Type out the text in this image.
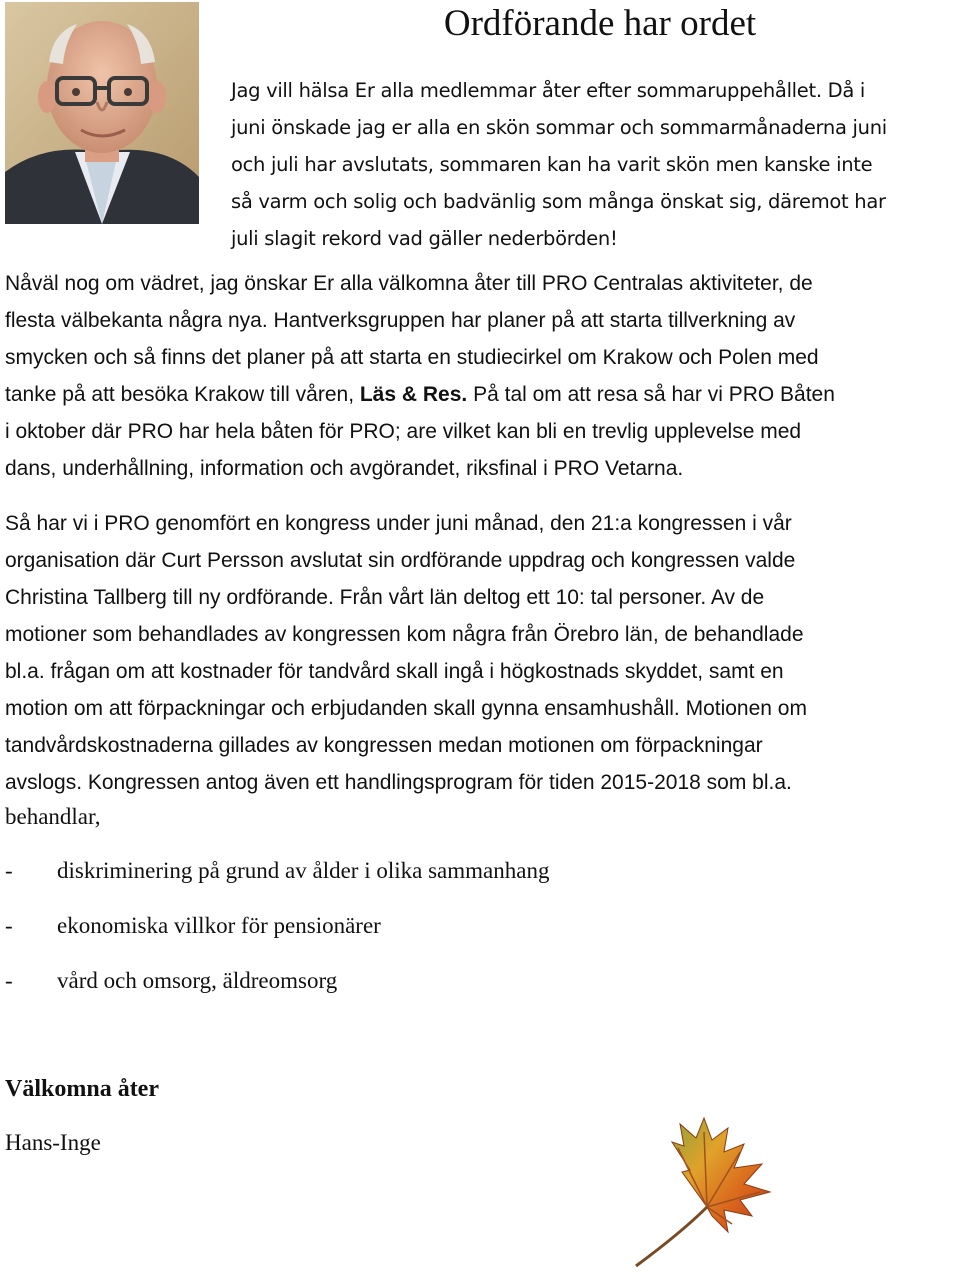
Ordförande har ordet

Jag vill hälsa Er alla medlemmar åter efter sommaruppehållet. Då i
juni önskade jag er alla en skön sommar och sommarmånaderna juni
och juli har avslutats, sommaren kan ha varit skön men kanske inte
så varm och solig och badvänlig som många önskat sig, däremot har
juli slagit rekord vad gäller nederbörden!

Nåväl nog om vädret, jag önskar Er alla välkomna åter till PRO Centralas aktiviteter, de
flesta välbekanta några nya. Hantverksgruppen har planer på att starta tillverkning av
smycken och så finns det planer på att starta en studiecirkel om Krakow och Polen med
tanke på att besöka Krakow till våren, Läs & Res. På tal om att resa så har vi PRO Båten
i oktober där PRO har hela båten för PRO; are vilket kan bli en trevlig upplevelse med
dans, underhållning, information och avgörandet, riksfinal i PRO Vetarna.

Så har vi i PRO genomfört en kongress under juni månad, den 21:a kongressen i vår
organisation där Curt Persson avslutat sin ordförande uppdrag och kongressen valde
Christina Tallberg till ny ordförande. Från vårt län deltog ett 10: tal personer. Av de
motioner som behandlades av kongressen kom några från Örebro län, de behandlade
bl.a. frågan om att kostnader för tandvård skall ingå i högkostnads skyddet, samt en
motion om att förpackningar och erbjudanden skall gynna ensamhushåll. Motionen om
tandvårdskostnaderna gillades av kongressen medan motionen om förpackningar
avslogs. Kongressen antog även ett handlingsprogram för tiden 2015-2018 som bl.a.

behandlar,

- diskriminering på grund av ålder i olika sammanhang
- ekonomiska villkor för pensionärer
- vård och omsorg, äldreomsorg

Välkomna åter

Hans-Inge
